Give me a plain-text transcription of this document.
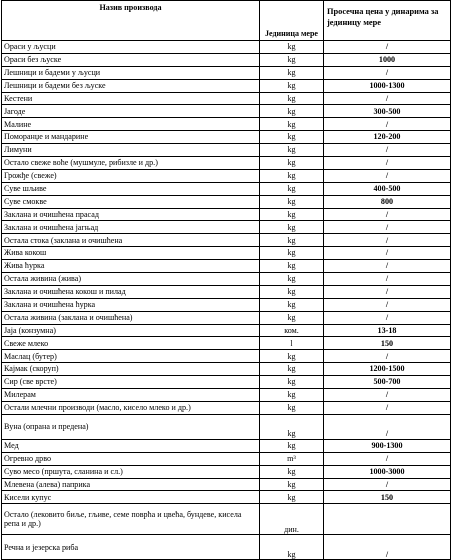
Назив производа	Јединица мере	Просечна цена у динарима за јединицу мере
Ораси у љусци	kg	/
Ораси без љуске	kg	1000
Лешници и бадеми у љусци	kg	/
Лешници и бадеми без љуске	kg	1000-1300
Кестени	kg	/
Јагоде	kg	300-500
Малине	kg	/
Поморанџе и мандарине	kg	120-200
Лимуни	kg	/
Остало свеже воће (мушмуле, рибизле и др.)	kg	/
Грожђе (свеже)	kg	/
Суве шљиве	kg	400-500
Суве смокве	kg	800
Заклана и очишћена прасад	kg	/
Заклана и очишћена јагњад	kg	/
Остала стока (заклана и очишћена	kg	/
Жива кокош	kg	/
Жива ћурка	kg	/
Остала живина (жива)	kg	/
Заклана и очишћена кокош и пилад	kg	/
Заклана и очишћена ћурка	kg	/
Остала живина (заклана и очишћена)	kg	/
Јаја (конзумна)	ком.	13-18
Свеже млеко	l	150
Маслац (бутер)	kg	/
Кајмак (скоруп)	kg	1200-1500
Сир (све врсте)	kg	500-700
Милерам	kg	/
Остали млечни производи (масло, кисело млеко и др.)	kg	/
Вуна (опрана и предена)	kg	/
Мед	kg	900-1300
Огревно дрво	m³	/
Суво месо (пршута, сланина и сл.)	kg	1000-3000
Млевена (алева) паприка	kg	/
Кисели купус	kg	150
Остало (лековито биље, гљиве, семе поврћа и цвећа, бундеве, кисела репа и др.)	дин.	
Речна и језерска риба	kg	/
